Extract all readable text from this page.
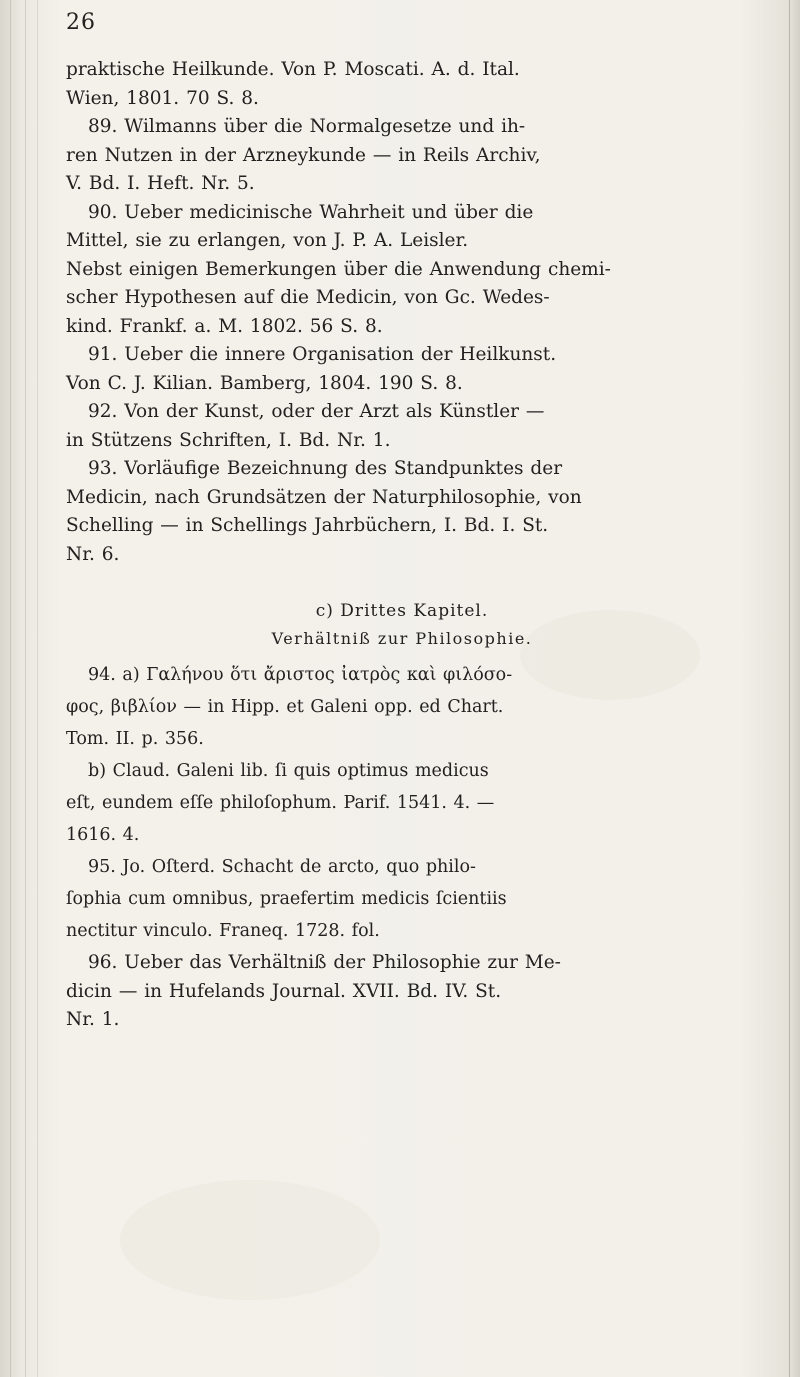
26
praktische Heilkunde. Von P. Moscati. A. d. Ital.
Wien, 1801. 70 S. 8.
89. Wilmanns über die Normalgesetze und ih-
ren Nutzen in der Arzneykunde — in Reils Archiv,
V. Bd. I. Heft. Nr. 5.
90. Ueber medicinische Wahrheit und über die
Mittel, sie zu erlangen, von J. P. A. Leisler.
Nebst einigen Bemerkungen über die Anwendung chemi-
scher Hypothesen auf die Medicin, von Gc. Wedes-
kind. Frankf. a. M. 1802. 56 S. 8.
91. Ueber die innere Organisation der Heilkunst.
Von C. J. Kilian. Bamberg, 1804. 190 S. 8.
92. Von der Kunst, oder der Arzt als Künstler —
in Stützens Schriften, I. Bd. Nr. 1.
93. Vorläufige Bezeichnung des Standpunktes der
Medicin, nach Grundsätzen der Naturphilosophie, von
Schelling — in Schellings Jahrbüchern, I. Bd. I. St.
Nr. 6.
c) Drittes Kapitel.
Verhältniß zur Philosophie.
94. a) Γαλήνου ὅτι ἄριστος ἰατρὸς καὶ φιλόσο-
φος, βιβλίον — in Hipp. et Galeni opp. ed Chart.
Tom. II. p. 356.
b) Claud. Galeni lib. ſi quis optimus medicus
eſt, eundem eſſe philoſophum. Parif. 1541. 4. —
1616. 4.
95. Jo. Oſterd. Schacht de arcto, quo philo-
ſophia cum omnibus, praefertim medicis ſcientiis
nectitur vinculo. Franeq. 1728. fol.
96. Ueber das Verhältniß der Philosophie zur Me-
dicin — in Hufelands Journal. XVII. Bd. IV. St.
Nr. 1.
